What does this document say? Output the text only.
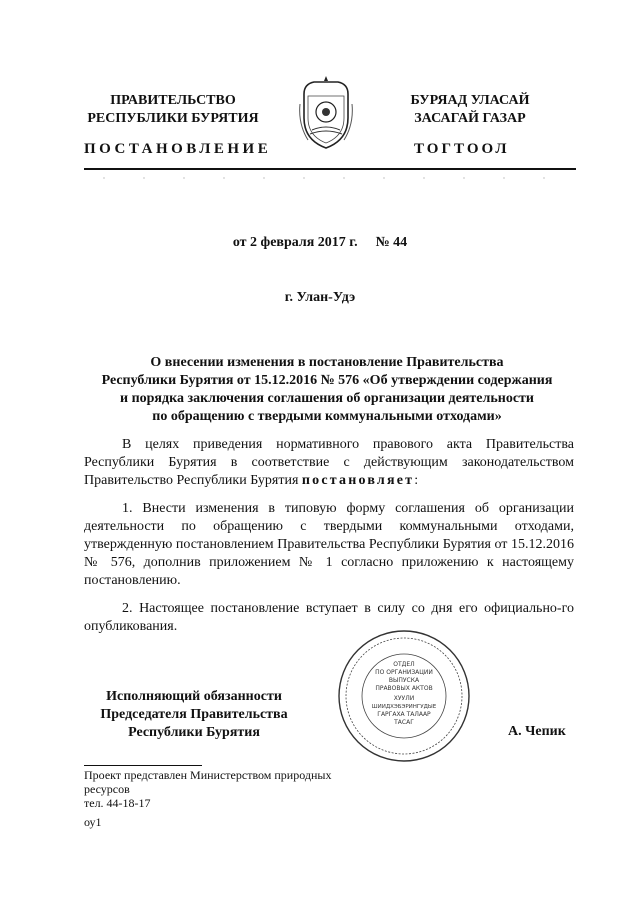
ПРАВИТЕЛЬСТВО
РЕСПУБЛИКИ БУРЯТИЯ
БУРЯАД УЛАСАЙ
ЗАСАГАЙ ГАЗАР
ПОСТАНОВЛЕНИЕ	ТОГТООЛ
от 2 февраля 2017 г. № 44
г. Улан-Удэ
О внесении изменения в постановление Правительства
Республики Бурятия от 15.12.2016 № 576 «Об утверждении содержания
и порядка заключения соглашения об организации деятельности
по обращению с твердыми коммунальными отходами»

В целях приведения нормативного правового акта Правительства Республики Бурятия в соответствие с действующим законодательством Правительство Республики Бурятия постановляет:

1. Внести изменения в типовую форму соглашения об организации деятельности по обращению с твердыми коммунальными отходами, утвержденную постановлением Правительства Республики Бурятия от 15.12.2016 № 576, дополнив приложением № 1 согласно приложению к настоящему постановлению.

2. Настоящее постановление вступает в силу со дня его официально-го опубликования.

ОТДЕЛ
ПО ОРГАНИЗАЦИИ
ВЫПУСКА
ПРАВОВЫХ АКТОВ
ХУУЛИ
ШИИДХЭБЭРИНГУДЫЕ
ГАРГАХА ТАЛААР
ТАСАГ
Исполняющий обязанности
Председателя Правительства
Республики Бурятия	А. Чепик
Проект представлен Министерством природных ресурсов
тел. 44-18-17
оу1
